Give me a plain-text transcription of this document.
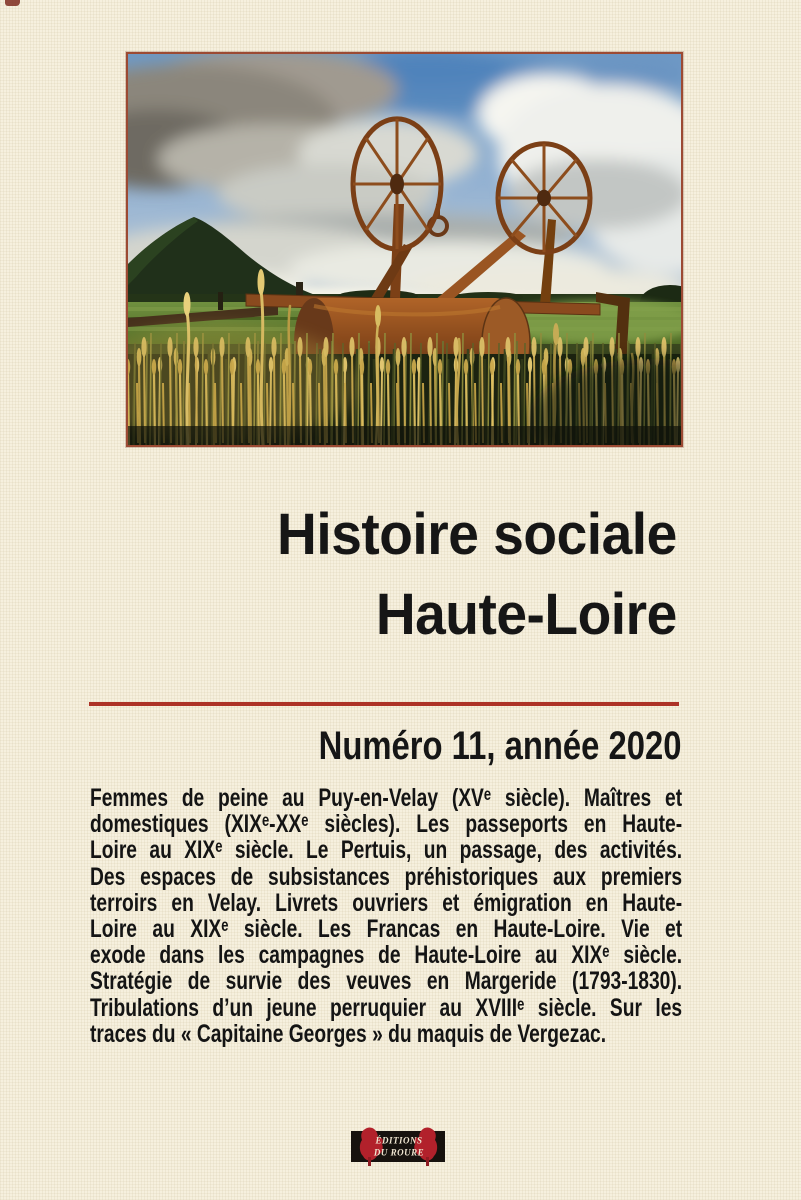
Histoire sociale
Haute-Loire
Numéro 11, année 2020
Femmes de peine au Puy-en-Velay (XVᵉ siècle). Maîtres et
domestiques (XIXᵉ-XXᵉ siècles). Les passeports en Haute-
Loire au XIXᵉ siècle. Le Pertuis, un passage, des activités.
Des espaces de subsistances préhistoriques aux premiers
terroirs en Velay. Livrets ouvriers et émigration en Haute-
Loire au XIXᵉ siècle. Les Francas en Haute-Loire. Vie et
exode dans les campagnes de Haute-Loire au XIXᵉ siècle.
Stratégie de survie des veuves en Margeride (1793-1830).
Tribulations d’un jeune perruquier au XVIIIᵉ siècle. Sur les
traces du « Capitaine Georges » du maquis de Vergezac.
ÉDITIONS
DU ROURE
